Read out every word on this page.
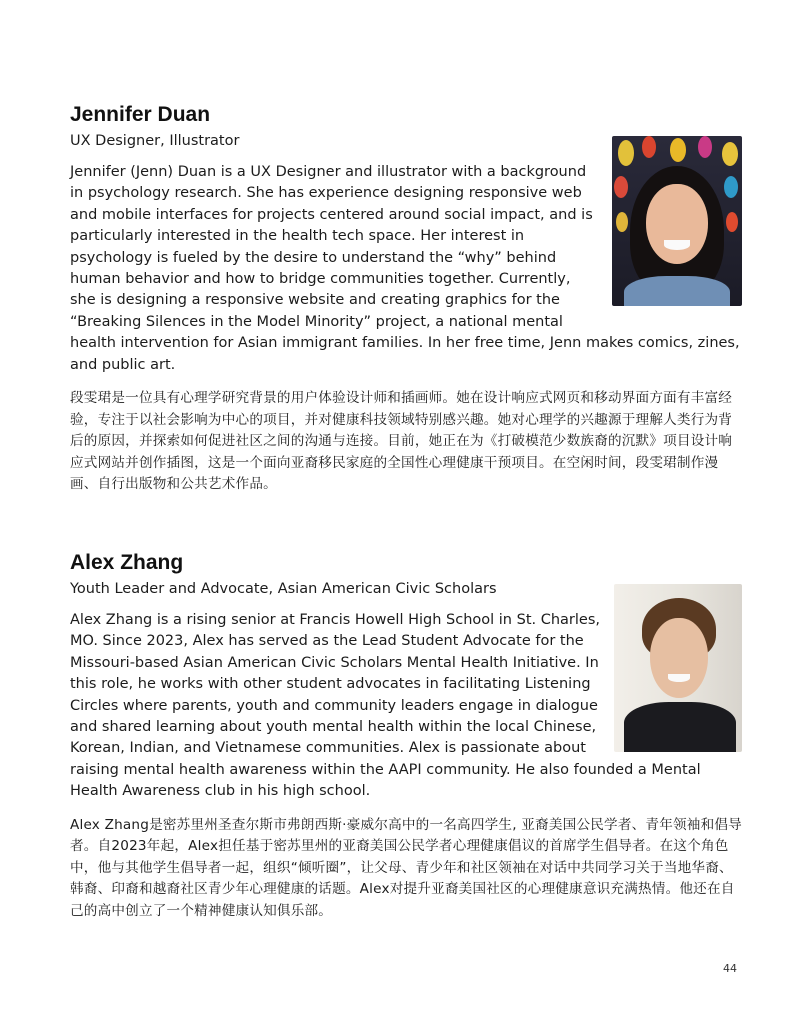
Jennifer Duan
UX Designer, Illustrator

Jennifer (Jenn) Duan is a UX Designer and illustrator with a background in psychology research. She has experience designing responsive web and mobile interfaces for projects centered around social impact, and is particularly interested in the health tech space. Her interest in psychology is fueled by the desire to understand the “why” behind human behavior and how to bridge communities together. Currently, she is designing a responsive website and creating graphics for the “Breaking Silences in the Model Minority” project, a national mental health intervention for Asian immigrant families. In her free time, Jenn makes comics, zines, and public art.

段雯珺是一位具有心理学研究背景的用户体验设计师和插画师。她在设计响应式网页和移动界面方面有丰富经验，专注于以社会影响为中心的项目，并对健康科技领域特别感兴趣。她对心理学的兴趣源于理解人类行为背后的原因，并探索如何促进社区之间的沟通与连接。目前，她正在为《打破模范少数族裔的沉默》项目设计响应式网站并创作插图，这是一个面向亚裔移民家庭的全国性心理健康干预项目。在空闲时间，段雯珺制作漫画、自行出版物和公共艺术作品。

Alex Zhang
Youth Leader and Advocate, Asian American Civic Scholars

Alex Zhang is a rising senior at Francis Howell High School in St. Charles, MO. Since 2023, Alex has served as the Lead Student Advocate for the Missouri-based Asian American Civic Scholars Mental Health Initiative. In this role, he works with other student advocates in facilitating Listening Circles where parents, youth and community leaders engage in dialogue and shared learning about youth mental health within the local Chinese, Korean, Indian, and Vietnamese communities. Alex is passionate about raising mental health awareness within the AAPI community. He also founded a Mental Health Awareness club in his high school.

Alex Zhang是密苏里州圣查尔斯市弗朗西斯·豪威尔高中的一名高四学生, 亚裔美国公民学者、青年领袖和倡导者。自2023年起，Alex担任基于密苏里州的亚裔美国公民学者心理健康倡议的首席学生倡导者。在这个角色中，他与其他学生倡导者一起，组织“倾听圈”，让父母、青少年和社区领袖在对话中共同学习关于当地华裔、韩裔、印裔和越裔社区青少年心理健康的话题。Alex对提升亚裔美国社区的心理健康意识充满热情。他还在自己的高中创立了一个精神健康认知俱乐部。

44
